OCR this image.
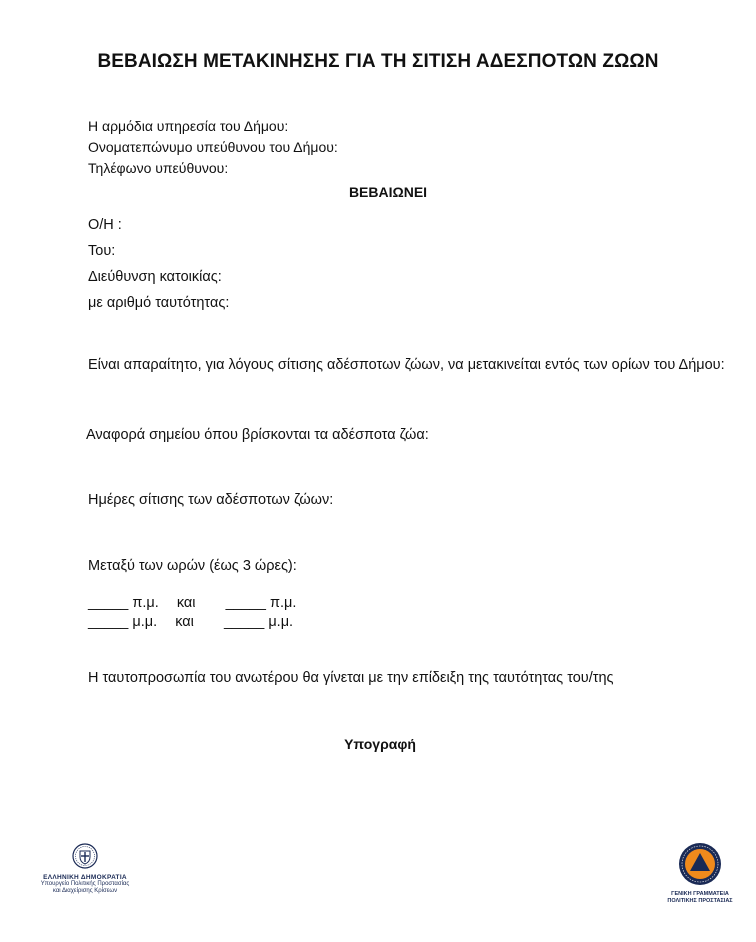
ΒΕΒΑΙΩΣΗ ΜΕΤΑΚΙΝΗΣΗΣ ΓΙΑ ΤΗ ΣΙΤΙΣΗ ΑΔΕΣΠΟΤΩΝ ΖΩΩΝ
Η αρμόδια υπηρεσία του Δήμου:
Ονοματεπώνυμο υπεύθυνου του Δήμου:
Τηλέφωνο υπεύθυνου:
ΒΕΒΑΙΩΝΕΙ
Ο/Η :
Του:
Διεύθυνση κατοικίας:
με αριθμό ταυτότητας:
Είναι απαραίτητο, για λόγους σίτισης αδέσποτων ζώων, να μετακινείται εντός των ορίων του Δήμου:
Αναφορά σημείου όπου βρίσκονται τα αδέσποτα ζώα:
Ημέρες σίτισης των αδέσποτων ζώων:
Μεταξύ των ωρών (έως 3 ώρες):
_____ π.μ. και _____ π.μ.
_____ μ.μ. και _____ μ.μ.
Η ταυτοπροσωπία του ανωτέρου θα γίνεται με την επίδειξη της ταυτότητας του/της
Υπογραφή
ΕΛΛΗΝΙΚΗ ΔΗΜΟΚΡΑΤΙΑ
Υπουργείο Πολιτικής Προστασίας
και Διαχείρισης Κρίσεων	ΓΕΝΙΚΗ ΓΡΑΜΜΑΤΕΙΑ
ΠΟΛΙΤΙΚΗΣ ΠΡΟΣΤΑΣΙΑΣ
